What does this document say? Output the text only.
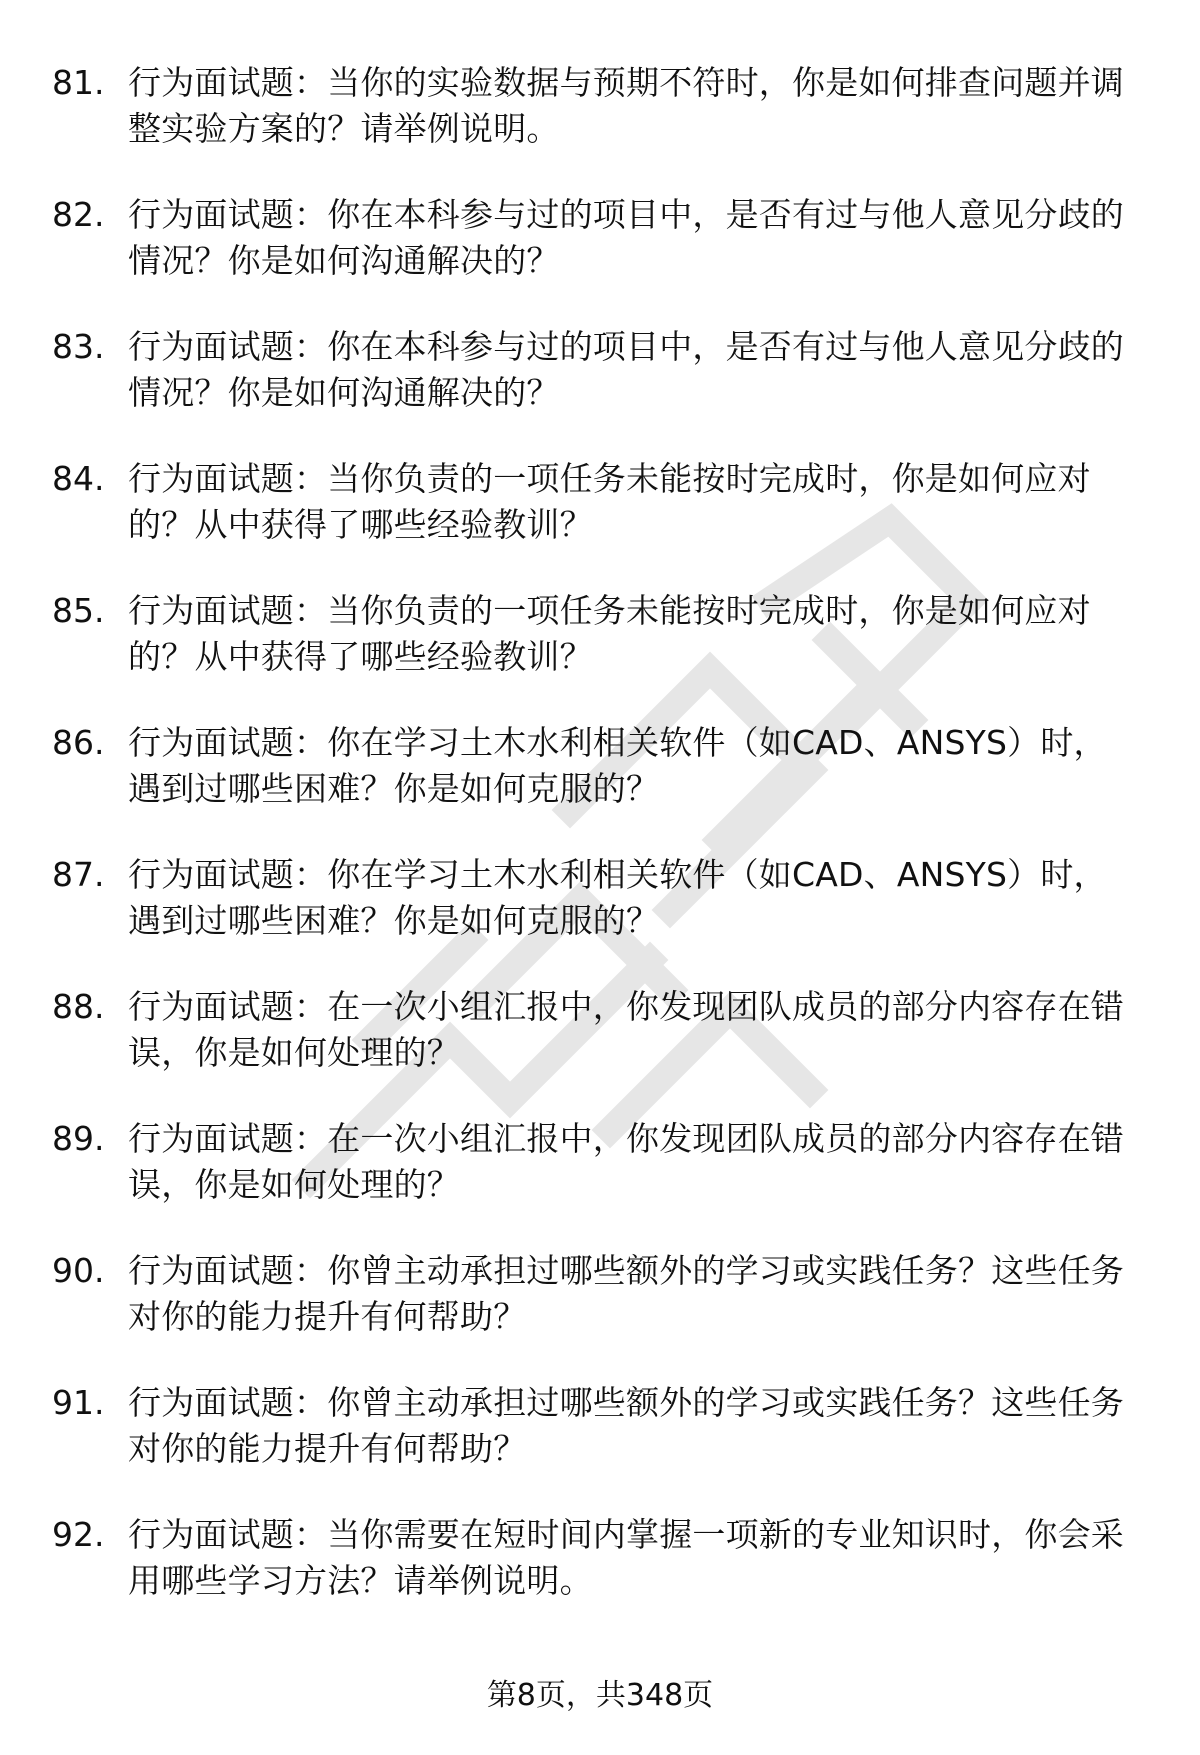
81. 行为面试题：当你的实验数据与预期不符时，你是如何排查问题并调整实验方案的？请举例说明。
82. 行为面试题：你在本科参与过的项目中，是否有过与他人意见分歧的情况？你是如何沟通解决的？
83. 行为面试题：你在本科参与过的项目中，是否有过与他人意见分歧的情况？你是如何沟通解决的？
84. 行为面试题：当你负责的一项任务未能按时完成时，你是如何应对的？从中获得了哪些经验教训？
85. 行为面试题：当你负责的一项任务未能按时完成时，你是如何应对的？从中获得了哪些经验教训？
86. 行为面试题：你在学习土木水利相关软件（如CAD、ANSYS）时，遇到过哪些困难？你是如何克服的？
87. 行为面试题：你在学习土木水利相关软件（如CAD、ANSYS）时，遇到过哪些困难？你是如何克服的？
88. 行为面试题：在一次小组汇报中，你发现团队成员的部分内容存在错误，你是如何处理的？
89. 行为面试题：在一次小组汇报中，你发现团队成员的部分内容存在错误，你是如何处理的？
90. 行为面试题：你曾主动承担过哪些额外的学习或实践任务？这些任务对你的能力提升有何帮助？
91. 行为面试题：你曾主动承担过哪些额外的学习或实践任务？这些任务对你的能力提升有何帮助？
92. 行为面试题：当你需要在短时间内掌握一项新的专业知识时，你会采用哪些学习方法？请举例说明。
第8页，共348页
